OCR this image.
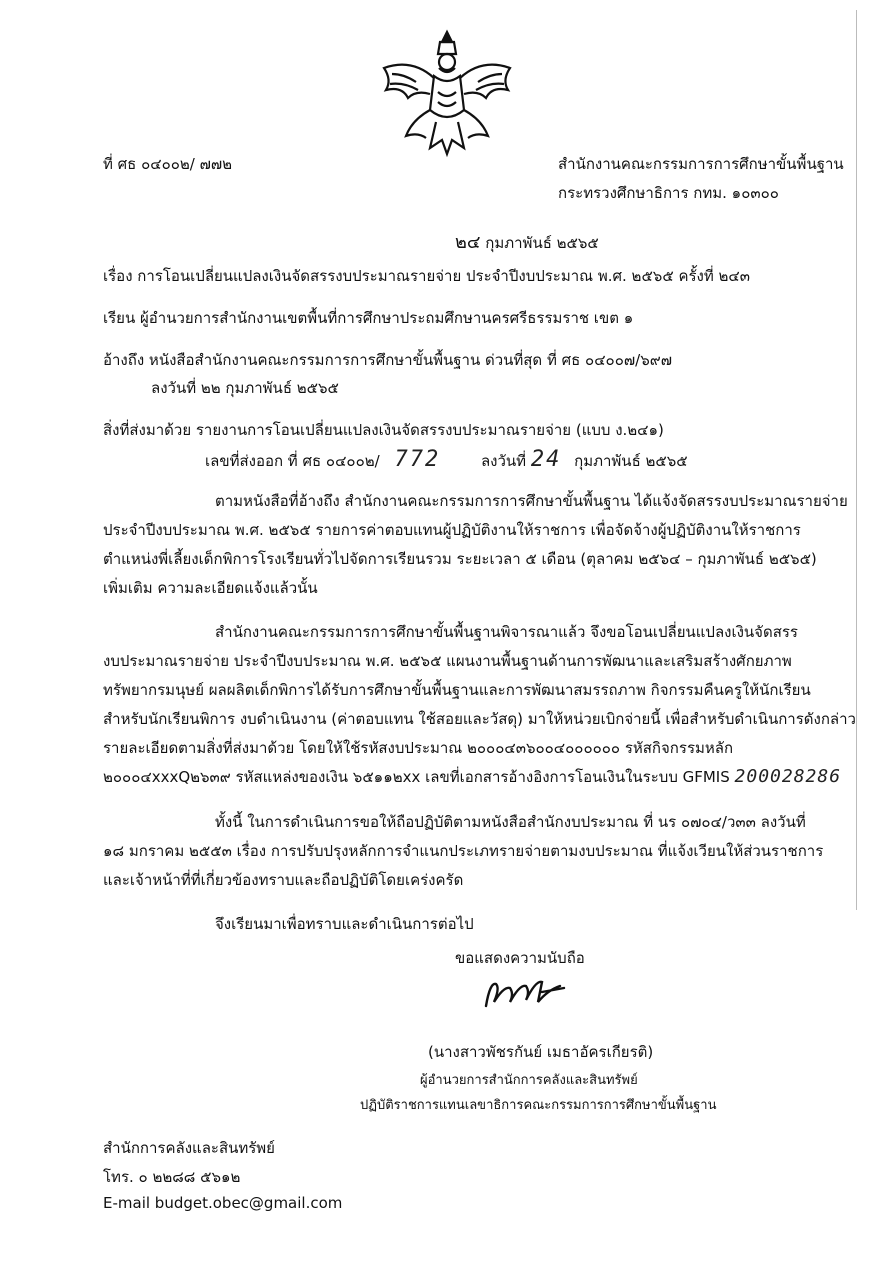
ที่ ศธ ๐๔๐๐๒/ ๗๗๒	สำนักงานคณะกรรมการการศึกษาขั้นพื้นฐาน
กระทรวงศึกษาธิการ กทม. ๑๐๓๐๐
๒๔ กุมภาพันธ์ ๒๕๖๕
เรื่อง การโอนเปลี่ยนแปลงเงินจัดสรรงบประมาณรายจ่าย ประจำปีงบประมาณ พ.ศ. ๒๕๖๕ ครั้งที่ ๒๔๓
เรียน ผู้อำนวยการสำนักงานเขตพื้นที่การศึกษาประถมศึกษานครศรีธรรมราช เขต ๑
อ้างถึง หนังสือสำนักงานคณะกรรมการการศึกษาขั้นพื้นฐาน ด่วนที่สุด ที่ ศธ ๐๔๐๐๗/๖๙๗
ลงวันที่ ๒๒ กุมภาพันธ์ ๒๕๖๕
สิ่งที่ส่งมาด้วย รายงานการโอนเปลี่ยนแปลงเงินจัดสรรงบประมาณรายจ่าย (แบบ ง.๒๔๑)
เลขที่ส่งออก ที่ ศธ ๐๔๐๐๒/ 772	ลงวันที่ 24 กุมภาพันธ์ ๒๕๖๕
ตามหนังสือที่อ้างถึง สำนักงานคณะกรรมการการศึกษาขั้นพื้นฐาน ได้แจ้งจัดสรรงบประมาณรายจ่าย
ประจำปีงบประมาณ พ.ศ. ๒๕๖๕ รายการค่าตอบแทนผู้ปฏิบัติงานให้ราชการ เพื่อจัดจ้างผู้ปฏิบัติงานให้ราชการ
ตำแหน่งพี่เลี้ยงเด็กพิการโรงเรียนทั่วไปจัดการเรียนรวม ระยะเวลา ๕ เดือน (ตุลาคม ๒๕๖๔ – กุมภาพันธ์ ๒๕๖๕)
เพิ่มเติม ความละเอียดแจ้งแล้วนั้น
สำนักงานคณะกรรมการการศึกษาขั้นพื้นฐานพิจารณาแล้ว จึงขอโอนเปลี่ยนแปลงเงินจัดสรร
งบประมาณรายจ่าย ประจำปีงบประมาณ พ.ศ. ๒๕๖๕ แผนงานพื้นฐานด้านการพัฒนาและเสริมสร้างศักยภาพ
ทรัพยากรมนุษย์ ผลผลิตเด็กพิการได้รับการศึกษาขั้นพื้นฐานและการพัฒนาสมรรถภาพ กิจกรรมคืนครูให้นักเรียน
สำหรับนักเรียนพิการ งบดำเนินงาน (ค่าตอบแทน ใช้สอยและวัสดุ) มาให้หน่วยเบิกจ่ายนี้ เพื่อสำหรับดำเนินการดังกล่าว
รายละเอียดตามสิ่งที่ส่งมาด้วย โดยให้ใช้รหัสงบประมาณ ๒๐๐๐๔๓๖๐๐๔๐๐๐๐๐๐ รหัสกิจกรรมหลัก
๒๐๐๐๔xxxQ๒๖๓๙ รหัสแหล่งของเงิน ๖๕๑๑๒xx เลขที่เอกสารอ้างอิงการโอนเงินในระบบ GFMIS 200028286
ทั้งนี้ ในการดำเนินการขอให้ถือปฏิบัติตามหนังสือสำนักงบประมาณ ที่ นร ๐๗๐๔/ว๓๓ ลงวันที่
๑๘ มกราคม ๒๕๕๓ เรื่อง การปรับปรุงหลักการจำแนกประเภทรายจ่ายตามงบประมาณ ที่แจ้งเวียนให้ส่วนราชการ
และเจ้าหน้าที่ที่เกี่ยวข้องทราบและถือปฏิบัติโดยเคร่งครัด
จึงเรียนมาเพื่อทราบและดำเนินการต่อไป
ขอแสดงความนับถือ
(นางสาวพัชรกันย์ เมธาอัครเกียรติ)
ผู้อำนวยการสำนักการคลังและสินทรัพย์
ปฏิบัติราชการแทนเลขาธิการคณะกรรมการการศึกษาขั้นพื้นฐาน
สำนักการคลังและสินทรัพย์
โทร. ๐ ๒๒๘๘ ๕๖๑๒
E-mail budget.obec@gmail.com
